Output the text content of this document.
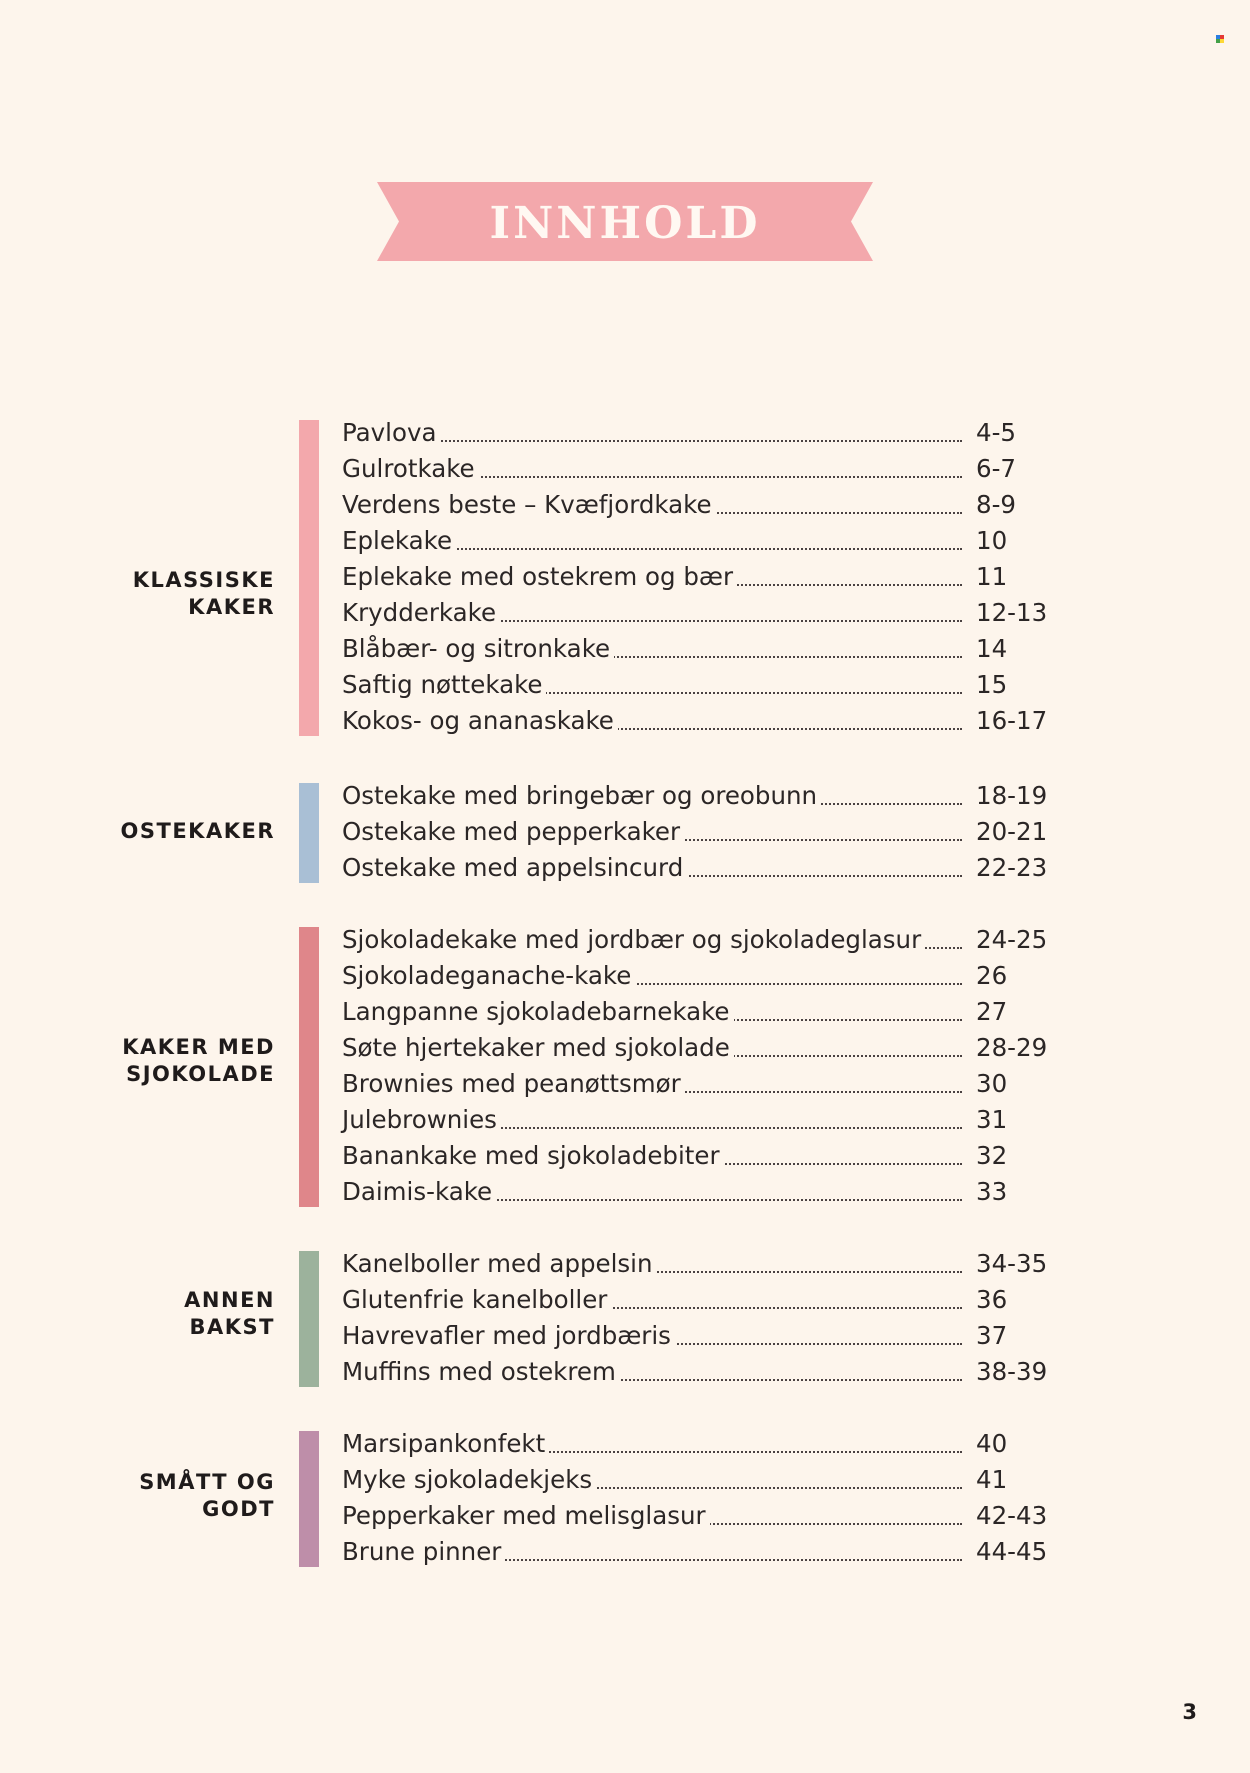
INNHOLD
KLASSISKE
KAKER
Pavlova	4-5
Gulrotkake	6-7
Verdens beste – Kvæfjordkake	8-9
Eplekake	10
Eplekake med ostekrem og bær	11
Krydderkake	12-13
Blåbær- og sitronkake	14
Saftig nøttekake	15
Kokos- og ananaskake	16-17
OSTEKAKER
Ostekake med bringebær og oreobunn	18-19
Ostekake med pepperkaker	20-21
Ostekake med appelsincurd	22-23
KAKER MED
SJOKOLADE
Sjokoladekake med jordbær og sjokoladeglasur 24-25
Sjokoladeganache-kake	26
Langpanne sjokoladebarnekake	27
Søte hjertekaker med sjokolade	28-29
Brownies med peanøttsmør	30
Julebrownies	31
Banankake med sjokoladebiter	32
Daimis-kake	33
ANNEN
BAKST
Kanelboller med appelsin	34-35
Glutenfrie kanelboller	36
Havrevafler med jordbæris	37
Muffins med ostekrem	38-39
SMÅTT OG
GODT
Marsipankonfekt	40
Myke sjokoladekjeks	41
Pepperkaker med melisglasur	42-43
Brune pinner	44-45
3
